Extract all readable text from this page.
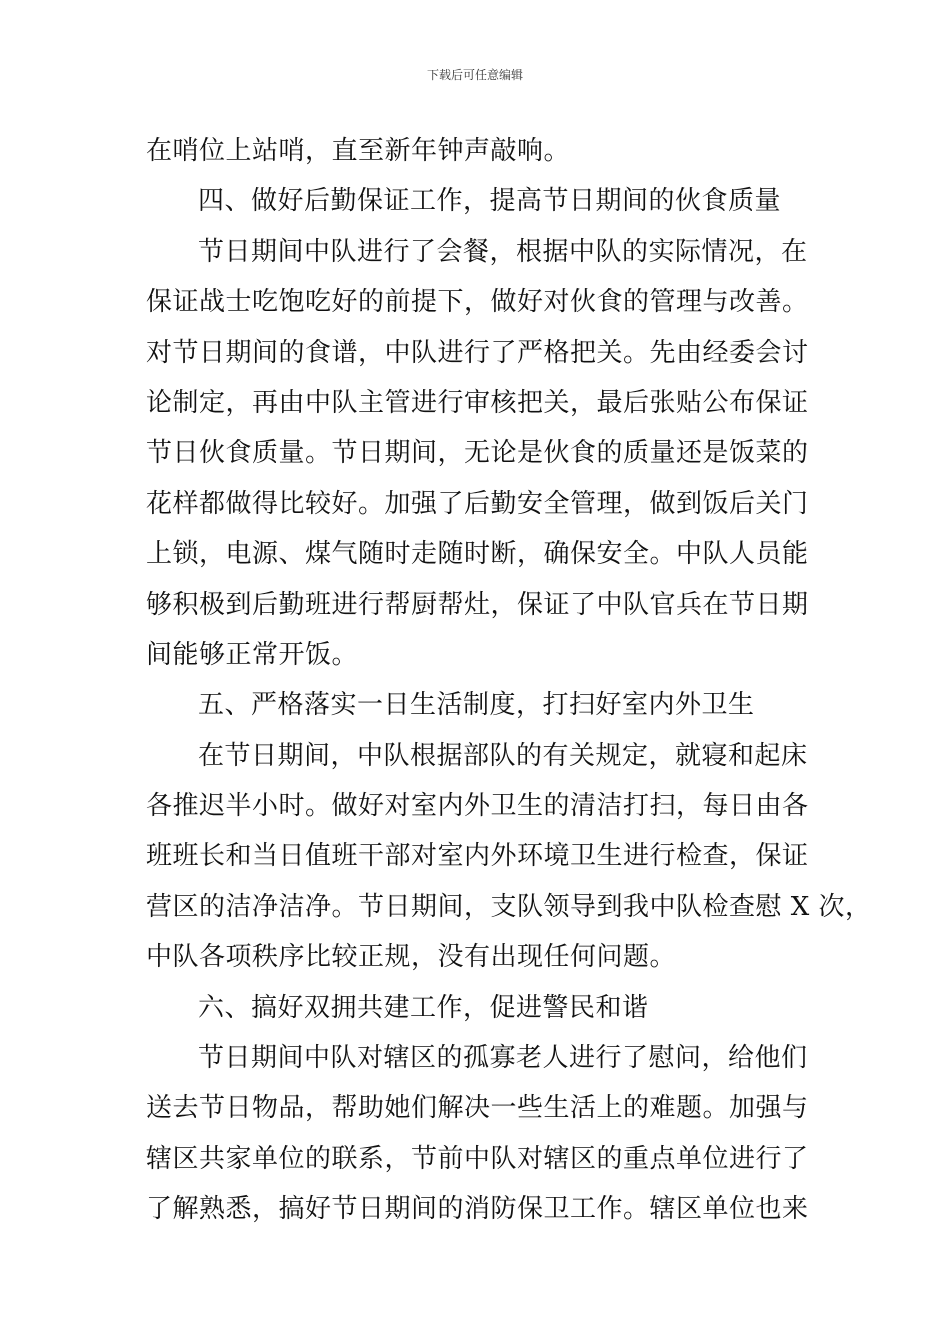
下载后可任意编辑
在哨位上站哨，直至新年钟声敲响。
四、做好后勤保证工作，提高节日期间的伙食质量
节日期间中队进行了会餐，根据中队的实际情况，在
保证战士吃饱吃好的前提下，做好对伙食的管理与改善。
对节日期间的食谱，中队进行了严格把关。先由经委会讨
论制定，再由中队主管进行审核把关，最后张贴公布保证
节日伙食质量。节日期间，无论是伙食的质量还是饭菜的
花样都做得比较好。加强了后勤安全管理，做到饭后关门
上锁，电源、煤气随时走随时断，确保安全。中队人员能
够积极到后勤班进行帮厨帮灶，保证了中队官兵在节日期
间能够正常开饭。
五、严格落实一日生活制度，打扫好室内外卫生
在节日期间，中队根据部队的有关规定，就寝和起床
各推迟半小时。做好对室内外卫生的清洁打扫，每日由各
班班长和当日值班干部对室内外环境卫生进行检查，保证
营区的洁净洁净。节日期间，支队领导到我中队检查慰 X 次，
中队各项秩序比较正规，没有出现任何问题。
六、搞好双拥共建工作，促进警民和谐
节日期间中队对辖区的孤寡老人进行了慰问，给他们
送去节日物品，帮助她们解决一些生活上的难题。加强与
辖区共家单位的联系，节前中队对辖区的重点单位进行了
了解熟悉，搞好节日期间的消防保卫工作。辖区单位也来
